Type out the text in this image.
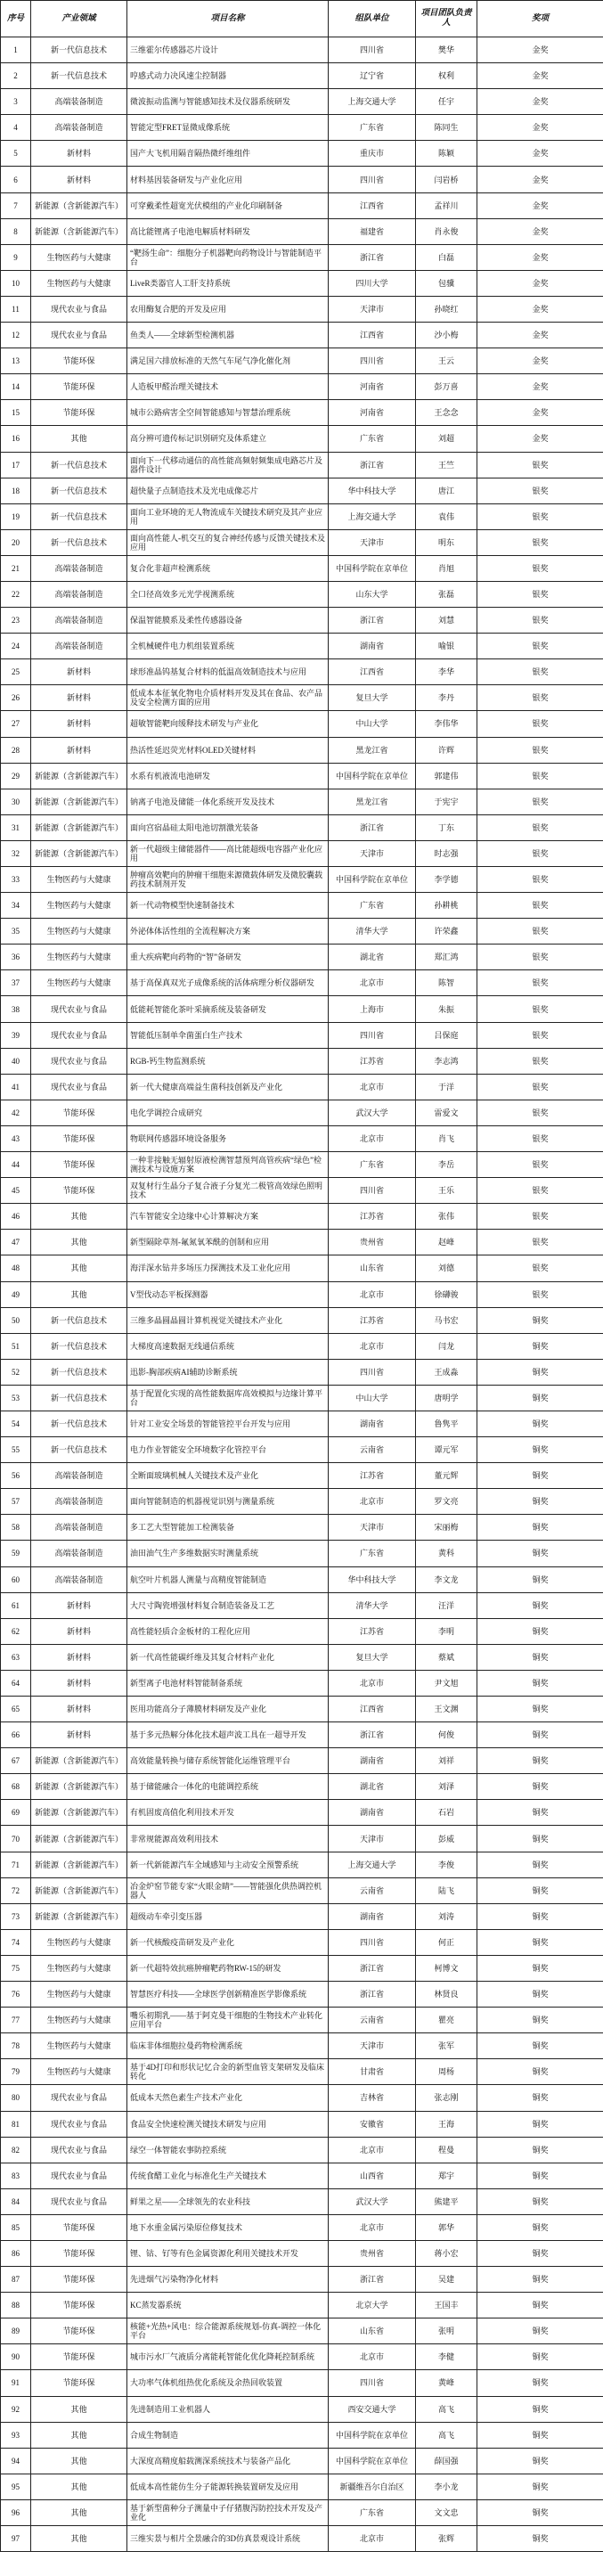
序号	产业领域	项目名称	组队单位	项目团队负责人	奖项
1	新一代信息技术	三维霍尔传感器芯片设计	四川省	樊华	金奖
2	新一代信息技术	哼感式动力决风速尘控制器	辽宁省	权利	金奖
3	高端装备制造	微波振动监测与智能感知技术及仪器系统研发	上海交通大学	任宇	金奖
4	高端装备制造	智能定型FRET显微成像系统	广东省	陈同生	金奖
5	新材料	国产大飞机用隔音隔热微纤维组件	重庆市	陈颖	金奖
6	新材料	材料基因装备研发与产业化应用	四川省	闫岩桥	金奖
7	新能源（含新能源汽车）	可穿戴柔性超宽光伏模组的产业化印刷制备	江西省	孟祥川	金奖
8	新能源（含新能源汽车）	高比能锂离子电池电解质材料研发	福建省	肖永俊	金奖
9	生物医药与大健康	“靶扬生命”：细胞分子机器靶向药物设计与智能制造平台	浙江省	白磊	金奖
10	生物医药与大健康	LiveR类器官人工肝支持系统	四川大学	包骥	金奖
11	现代农业与食品	农用酶复合肥的开发及应用	天津市	孙晓红	金奖
12	现代农业与食品	鱼类人——全球新型检测机器	江西省	沙小梅	金奖
13	节能环保	满足国六排放标准的天然气车尾气净化催化剂	四川省	王云	金奖
14	节能环保	人造板甲醛治理关键技术	河南省	彭万喜	金奖
15	节能环保	城市公路病害全空间智能感知与智慧治理系统	河南省	王念念	金奖
16	其他	高分辨可遗传标记识别研究及体系建立	广东省	刘超	金奖
17	新一代信息技术	面向下一代移动通信的高性能高频射频集成电路芯片及器件设计	浙江省	王竺	银奖
18	新一代信息技术	超快量子点制造技术及光电成像芯片	华中科技大学	唐江	银奖
19	新一代信息技术	面向工业环境的无人物流成车关键技术研究及其产业应用	上海交通大学	袁伟	银奖
20	新一代信息技术	面向高性能人-机交互的复合神经传感与反馈关键技术及应用	天津市	明东	银奖
21	高端装备制造	复合化非超声检测系统	中国科学院在京单位	肖旭	银奖
22	高端装备制造	全口径高效多元光学视测系统	山东大学	张磊	银奖
23	高端装备制造	保温智能膜系及柔性传感器设备	浙江省	刘慧	银奖
24	高端装备制造	全机械硬件电力机组装置系统	湖南省	喻银	银奖
25	新材料	球形准晶钨基复合材料的低温高效制造技术与应用	江西省	李华	银奖
26	新材料	低成本本征氧化物电介质材料开发及其在食品、农产品及安全检测方面的应用	复旦大学	李丹	银奖
27	新材料	超敏智能靶向缓释技术研发与产业化	中山大学	李伟华	银奖
28	新材料	热活性延迟荧光材料OLED关键材料	黑龙江省	许辉	银奖
29	新能源（含新能源汽车）	水系有机液流电池研发	中国科学院在京单位	郭建伟	银奖
30	新能源（含新能源汽车）	钠离子电池及储能一体化系统开发及技术	黑龙江省	于宪宇	银奖
31	新能源（含新能源汽车）	面向宫宿晶硅太阳电池切割激光装备	浙江省	丁东	银奖
32	新能源（含新能源汽车）	新一代超级主储能器件——高比能超级电容器产业化应用	天津市	时志强	银奖
33	生物医药与大健康	肿瘤高效靶向的肿瘤干细胞来源微载体研发及微胶囊载药技术制剂开发	中国科学院在京单位	李学德	银奖
34	生物医药与大健康	新一代动物模型快速制备技术	广东省	孙耕桃	银奖
35	生物医药与大健康	外泌体体活性组的全流程解决方案	清华大学	许荣鑫	银奖
36	生物医药与大健康	重大疾病靶向药物的“智”备研发	湖北省	郑汇鸿	银奖
37	生物医药与大健康	基于高保真双光子成像系统的活体病理分析仪器研发	北京市	陈智	银奖
38	现代农业与食品	低能耗智能化茶叶采摘系统及装备研发	上海市	朱振	银奖
39	现代农业与食品	智能低压制单伞菌蛋白生产技术	四川省	吕保庭	银奖
40	现代农业与食品	RGB-钙生物监测系统	江苏省	李志鸿	银奖
41	现代农业与食品	新一代大健康高端益生菌科技创新及产业化	北京市	于洋	银奖
42	节能环保	电化学调控合成研究	武汉大学	雷爱文	银奖
43	节能环保	物联网传感器环境设备服务	北京市	肖飞	银奖
44	节能环保	一种非接触无辐射原液检测智慧预判高管疾病“绿色”检测技术与设施方案	广东省	李岳	银奖
45	节能环保	双复材行生晶分子复合液子分复光二极管高效绿色照明技术	四川省	王乐	银奖
46	其他	汽车智能安全边缘中心计算解决方案	江苏省	张伟	银奖
47	其他	新型隔除草剂-氟氮氧苯酰的创制和应用	贵州省	赵峰	银奖
48	其他	海洋深水钻井多场压力探测技术及工业化应用	山东省	刘德	银奖
49	其他	V型伐动态平板探测器	北京市	徐礴骏	银奖
50	新一代信息技术	三维多晶圆晶圆计算机视觉关键技术产业化	江苏省	马书宏	铜奖
51	新一代信息技术	大梯度高速数据无线通信系统	北京市	闫龙	铜奖
52	新一代信息技术	迅影-胸部疾病AI辅助诊断系统	四川省	王成淼	铜奖
53	新一代信息技术	基于配置化实现的高性能数据库高效模拟与边缘计算平台	中山大学	唐明学	铜奖
54	新一代信息技术	针对工业安全场景的智能管控平台开发与应用	湖南省	鲁隽平	铜奖
55	新一代信息技术	电力作业智能安全环境数字化管控平台	云南省	谭元军	铜奖
56	高端装备制造	全断面玻璃机械人关键技术及产业化	江苏省	董元辉	铜奖
57	高端装备制造	面向智能制造的机器视觉识别与测量系统	北京市	罗文亮	铜奖
58	高端装备制造	多工艺大型智能加工检测装备	天津市	宋丽梅	铜奖
59	高端装备制造	油田油气生产多维数据实时测量系统	广东省	黄科	铜奖
60	高端装备制造	航空叶片机器人测量与高精度智能制造	华中科技大学	李文龙	铜奖
61	新材料	大尺寸陶瓷增强材料复合制造装备及工艺	清华大学	汪洋	铜奖
62	新材料	高性能轻质合金板材的工程化应用	江苏省	李明	铜奖
63	新材料	新一代高性能碳纤维及其复合材料产业化	复旦大学	蔡斌	铜奖
64	新材料	新型离子电池材料智能制备系统	北京市	尹文旭	铜奖
65	新材料	医用功能高分子薄膜材料研发及产业化	江西省	王文渊	铜奖
66	新材料	基于多元热解分体化技术超声波工具在一超导开发	浙江省	何俊	铜奖
67	新能源（含新能源汽车）	高效能量转换与储存系统智能化运维管理平台	湖南省	刘祥	铜奖
68	新能源（含新能源汽车）	基于储能融合一体化的电能调控系统	湖北省	刘泽	铜奖
69	新能源（含新能源汽车）	有机固废高值化利用技术开发	湖南省	石岩	铜奖
70	新能源（含新能源汽车）	非常规能源高效利用技术	天津市	彭威	铜奖
71	新能源（含新能源汽车）	新一代新能源汽车全域感知与主动安全预警系统	上海交通大学	李俊	铜奖
72	新能源（含新能源汽车）	冶金炉窑节能专家“火眼金睛”——智能强化供热调控机器人	云南省	陆飞	铜奖
73	新能源（含新能源汽车）	超级动车牵引变压器	湖南省	刘涛	铜奖
74	生物医药与大健康	新一代核酸疫苗研发及产业化	四川省	何正	铜奖
75	生物医药与大健康	新一代超特效抗癌肿瘤靶药物RW-15的研发	浙江省	柯博文	铜奖
76	生物医药与大健康	智慧医疗科技——全球医学创新精准医学影像系统	浙江省	林贤良	铜奖
77	生物医药与大健康	嘴乐初期乳——基于阿克曼干细胞的生物技术产业转化应用平台	云南省	瞿亮	铜奖
78	生物医药与大健康	临床非体细胞拉曼药物检测系统	天津市	张军	铜奖
79	生物医药与大健康	基于4D打印和形状记忆合金的新型血管支架研发及临床转化	甘肃省	周杨	铜奖
80	现代农业与食品	低成本天然色素生产技术产业化	吉林省	张志刚	铜奖
81	现代农业与食品	食品安全快速检测关键技术研发与应用	安徽省	王海	铜奖
82	现代农业与食品	绿空一体智能农事防控系统	北京市	程曼	铜奖
83	现代农业与食品	传统食醋工业化与标准化生产关键技术	山西省	郑宇	铜奖
84	现代农业与食品	鲜果之星——全球领先的农业科技	武汉大学	熊建平	铜奖
85	节能环保	地下水重金属污染原位修复技术	北京市	郭华	铜奖
86	节能环保	锂、钴、钌等有色金属资源化利用关键技术开发	贵州省	蒋小宏	铜奖
87	节能环保	先进烟气污染物净化材料	浙江省	吴建	铜奖
88	节能环保	KC蒸发器系统	北京大学	王国丰	铜奖
89	节能环保	核能+光热+风电：综合能源系统规划-仿真-调控一体化平台	山东省	张明	铜奖
90	节能环保	城市污水厂气液质分离能耗智能化优化降耗控制系统	北京市	李健	铜奖
91	节能环保	大功率气体机组热优化系统及余热回收装置	四川省	黄峰	铜奖
92	其他	先进制造用工业机器人	西安交通大学	高飞	铜奖
93	其他	合成生物制造	中国科学院在京单位	高飞	铜奖
94	其他	大深度高精度船载测深系统技术与装备产品化	中国科学院在京单位	薛国强	铜奖
95	其他	低成本高性能仿生分子能源转换装置研发及应用	新疆维吾尔自治区	李小龙	铜奖
96	其他	基于新型菌种分子测量中子仔猪腹泻防控技术开发及产业化	广东省	文文忠	铜奖
97	其他	三维实景与相片全景融合的3D仿真景观设计系统	北京市	张辉	铜奖
